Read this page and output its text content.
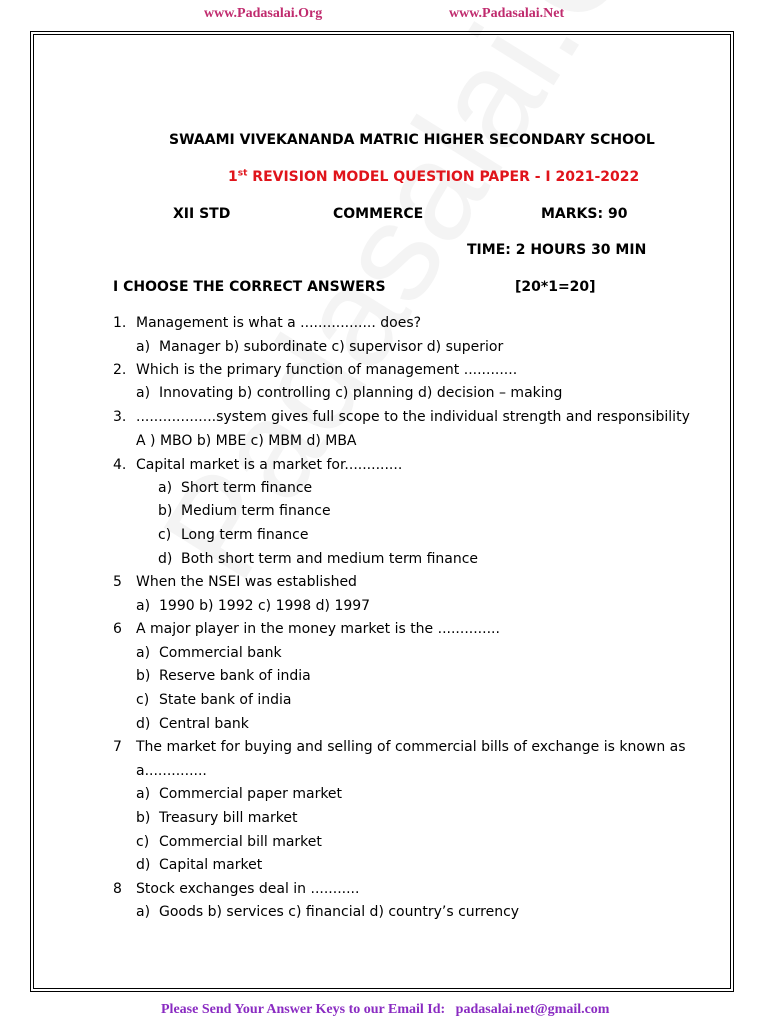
www.Padasalai.Org	www.Padasalai.Net
SWAAMI VIVEKANANDA MATRIC HIGHER SECONDARY SCHOOL
1st REVISION MODEL QUESTION PAPER - I 2021-2022
XII STD	COMMERCE	MARKS: 90
TIME: 2 HOURS 30 MIN
I CHOOSE THE CORRECT ANSWERS	[20*1=20]
1. Management is what a ................. does?
a) Manager b) subordinate c) supervisor d) superior
2. Which is the primary function of management ............
a) Innovating b) controlling c) planning d) decision – making
3. ..................system gives full scope to the individual strength and responsibility
A ) MBO b) MBE c) MBM d) MBA
4. Capital market is a market for.............
a) Short term finance
b) Medium term finance
c) Long term finance
d) Both short term and medium term finance
5 When the NSEI was established
a) 1990 b) 1992 c) 1998 d) 1997
6 A major player in the money market is the ..............
a) Commercial bank
b) Reserve bank of india
c) State bank of india
d) Central bank
7 The market for buying and selling of commercial bills of exchange is known as
a..............
a) Commercial paper market
b) Treasury bill market
c) Commercial bill market
d) Capital market
8 Stock exchanges deal in ...........
a) Goods b) services c) financial d) country’s currency
Please Send Your Answer Keys to our Email Id: padasalai.net@gmail.com
